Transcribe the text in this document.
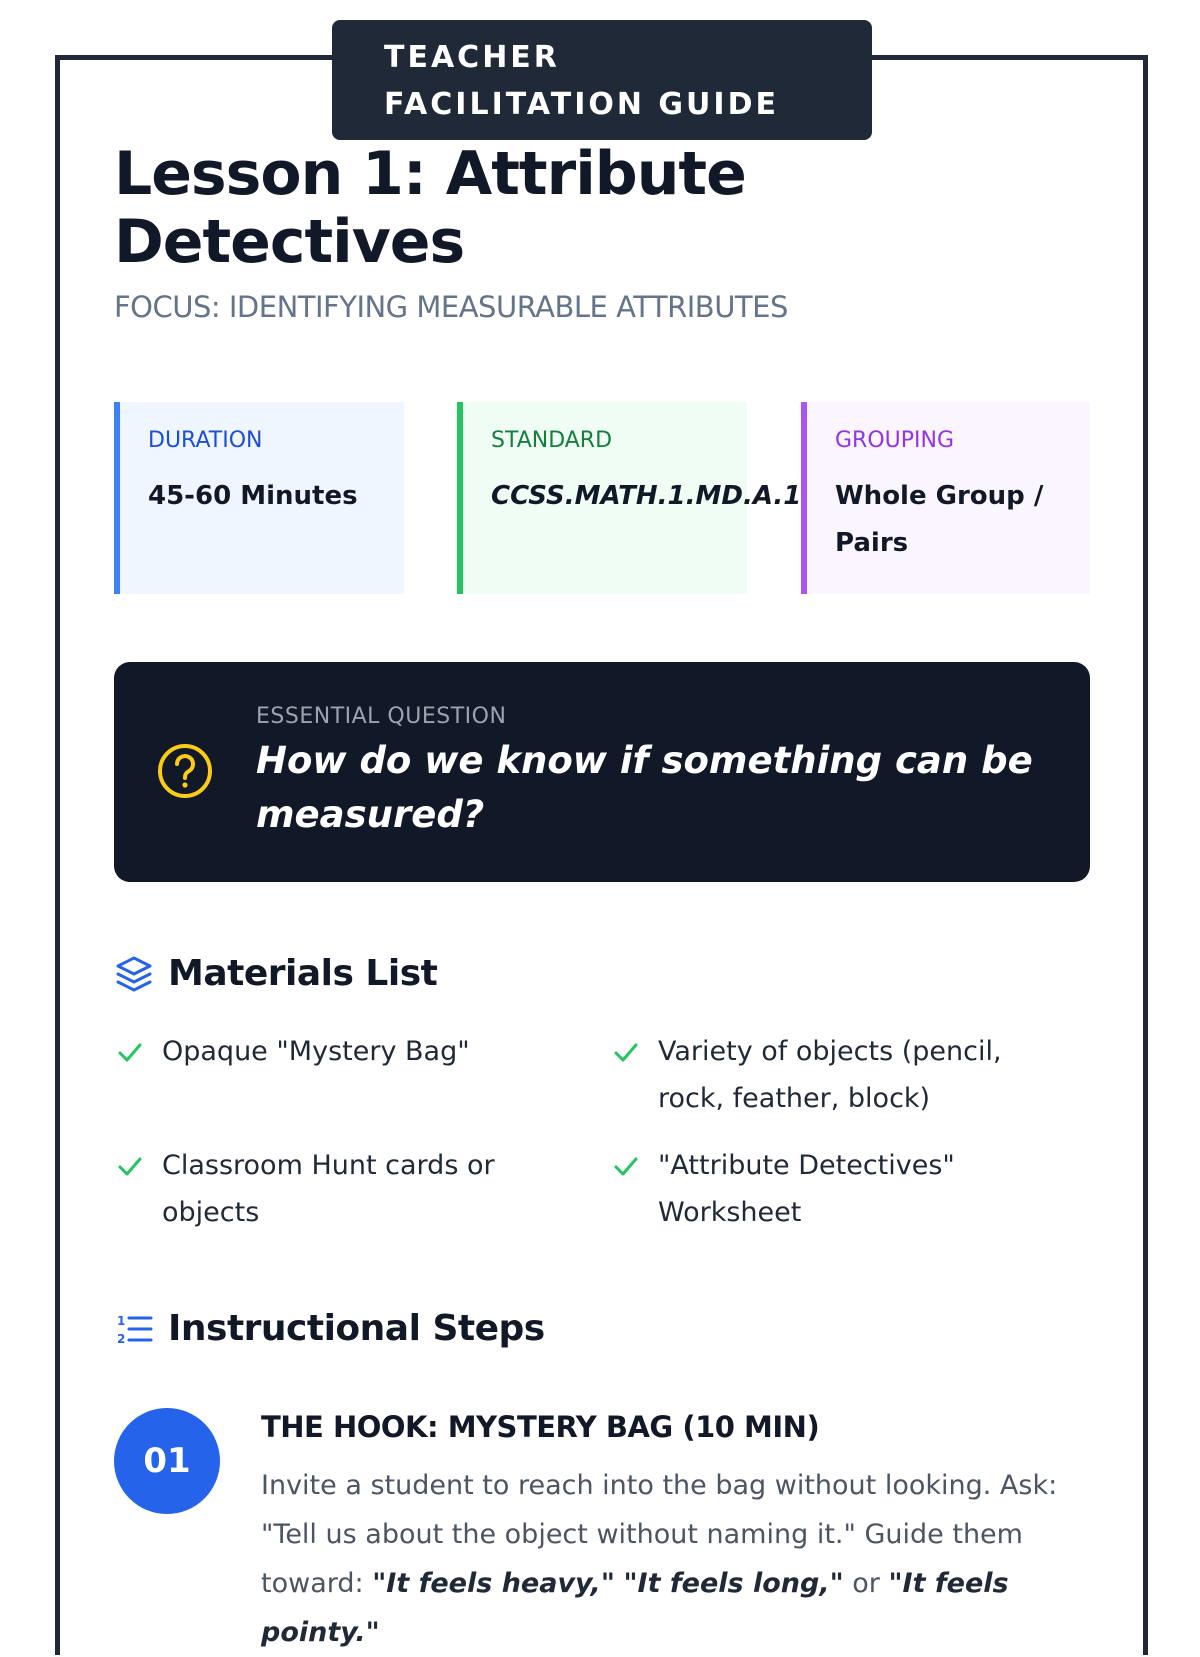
TEACHER
FACILITATION GUIDE
Lesson 1: Attribute Detectives
FOCUS: IDENTIFYING MEASURABLE ATTRIBUTES
DURATION
45-60 Minutes
STANDARD
CCSS.MATH.1.MD.A.1
GROUPING
Whole Group / Pairs
ESSENTIAL QUESTION
How do we know if something can be measured?
Materials List
Opaque "Mystery Bag"	Variety of objects (pencil, rock, feather, block)
Classroom Hunt cards or objects
"Attribute Detectives" Worksheet
1
2 Instructional Steps
01
THE HOOK: MYSTERY BAG (10 MIN)
Invite a student to reach into the bag without looking. Ask: "Tell us about the object without naming it." Guide them toward: "It feels heavy," "It feels long," or "It feels pointy."
